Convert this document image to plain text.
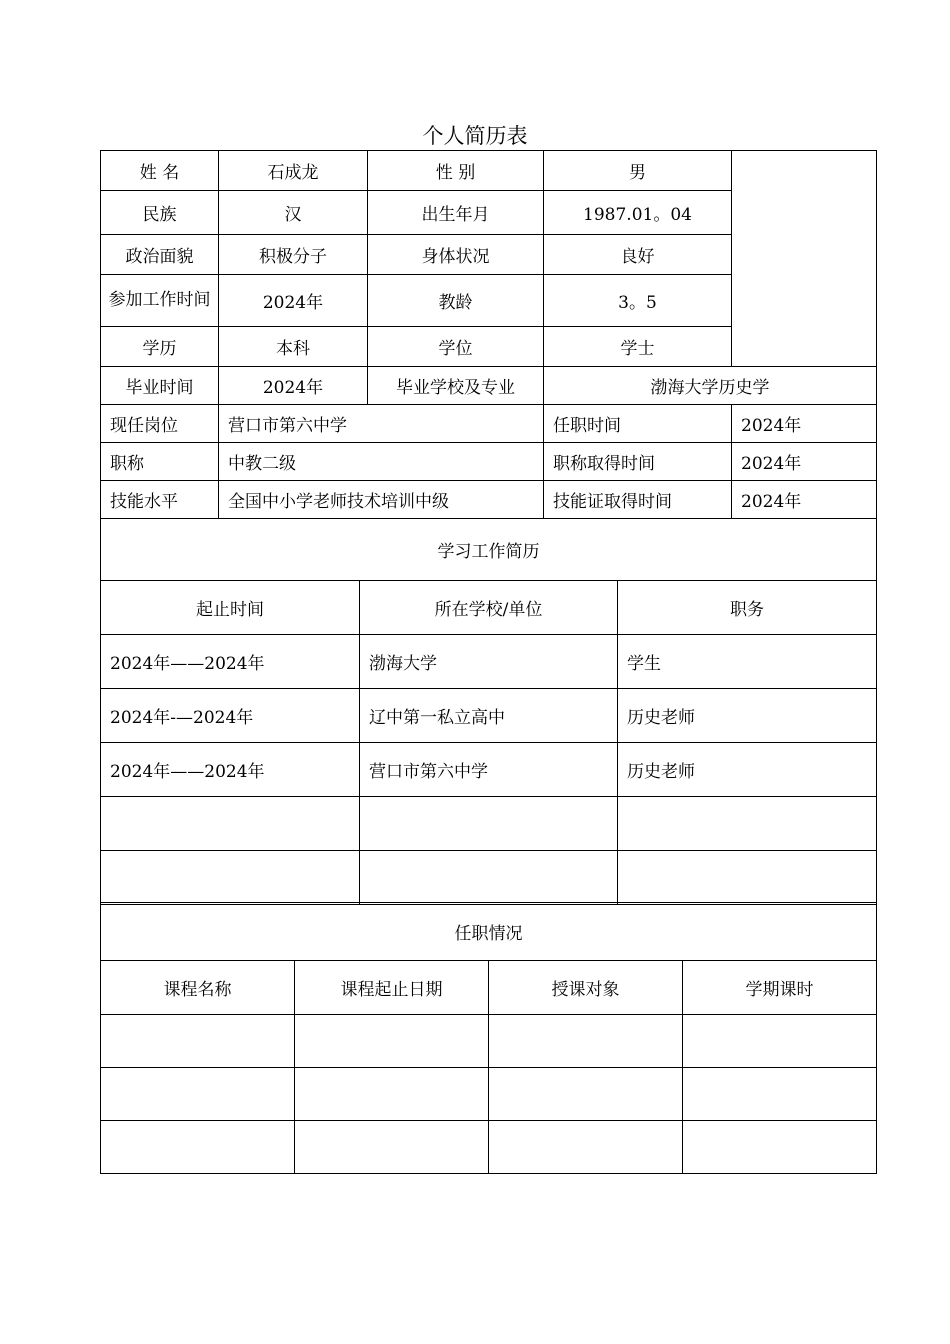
个人简历表
姓 名	石成龙	性 别	男	
民族	汉	出生年月	1987.01。04	
政治面貌	积极分子	身体状况	良好	
参加工作时间	2024年	教龄	3。5	
学历	本科	学位	学士	
毕业时间	2024年	毕业学校及专业	渤海大学历史学	
现任岗位	营口市第六中学		任职时间	2024年
职称	中教二级		职称取得时间	2024年
技能水平	全国中小学老师技术培训中级		技能证取得时间	2024年
学习工作简历				
起止时间	所在学校/单位	职务
2024年——2024年	渤海大学	学生
2024年-—2024年	辽中第一私立高中	历史老师
2024年——2024年	营口市第六中学	历史老师

任职情况			
课程名称	课程起止日期	授课对象	学期课时
